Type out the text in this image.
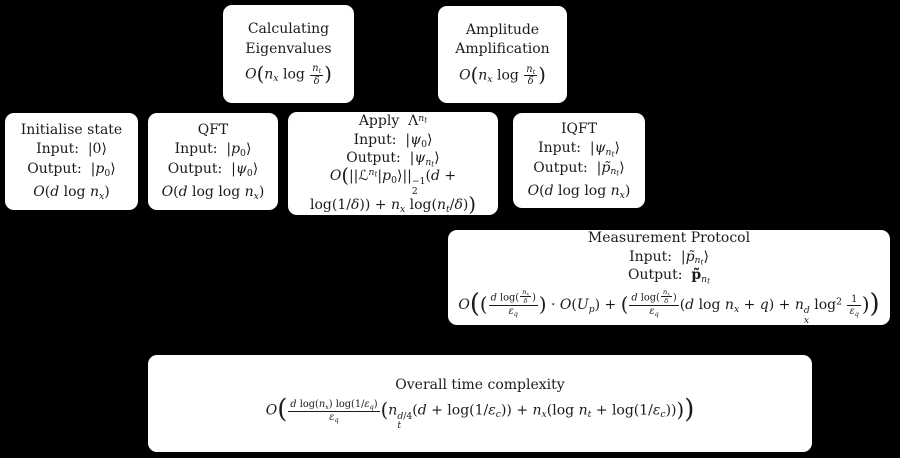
Calculating
Eigenvalues
$O(n_x$ $\log \frac{n_t}{\delta}$ )
Amplitude
Amplification
$O(n_x$ $\log \frac{n_t}{\delta}$ )
Initialise state
Input:  |0⟩
Output:  $|p_0⟩$
O(d $\log n_x$)
QFT
Input:  $|p_0⟩$
Output:  $|\psi_0⟩$
O(d $\log \log n_x$)
Apply  $\Lambda^{n_t}$
Input:  $|\psi_0⟩$
Output:  $|\psi_{n_t}⟩$
$O(||ℒ^{n_t}|p_0⟩|| -1$
2
(d +
$\log(1/\delta)) + n_x$ $\log(n_t/\delta)$)
IQFT
Input:  $|\psi_{n_t}⟩$
Output:  $|p̃_{n_t}⟩$
O(d $\log \log n_x$)
Measurement Protocol
Input:  $|p̃_{n_t}⟩$
Output:  $p̃̃_{n_t}$
$O(( \frac{d \log( \frac{n_x}{\delta} )}{\varepsilon_q}$ ) · $O(U_p)$ + ( $\frac{d \log( \frac{n_x}{\delta} )}{\varepsilon_q} (d$ $\log n_x + q) + n$ d
x
$\log^2 \frac{1}{\varepsilon_q}$ ))
Overall time complexity
$O( \frac{d \log(n_x) \log(1/\varepsilon_q)}{\varepsilon_q} (n$ d/4
t
$(d + \log(1/\varepsilon_c)) + n_x(\log$ $n_t + \log(1/\varepsilon_c)$)))
